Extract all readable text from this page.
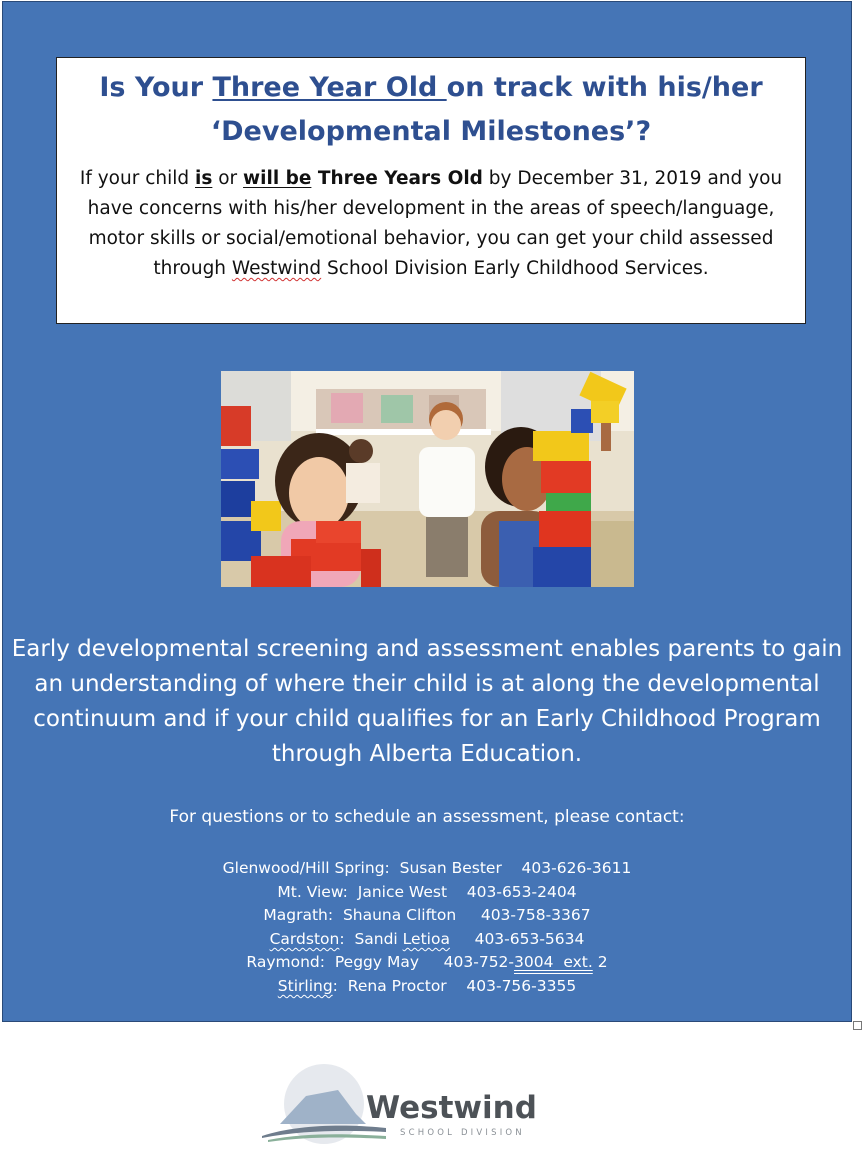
Is Your Three Year Old on track with his/her
‘Developmental Milestones’?

If your child is or will be Three Years Old by December 31, 2019 and you have concerns with his/her development in the areas of speech/language, motor skills or social/emotional behavior, you can get your child assessed through Westwind School Division Early Childhood Services.

Early developmental screening and assessment enables parents to gain an understanding of where their child is at along the developmental continuum and if your child qualifies for an Early Childhood Program through Alberta Education.
For questions or to schedule an assessment, please contact:
Glenwood/Hill Spring: Susan Bester 403-626-3611
Mt. View: Janice West 403-653-2404
Magrath: Shauna Clifton 403-758-3367
Cardston: Sandi Letioa 403-653-5634
Raymond: Peggy May 403-752-3004  ext. 2
Stirling: Rena Proctor 403-756-3355
Westwind
SCHOOL DIVISION
